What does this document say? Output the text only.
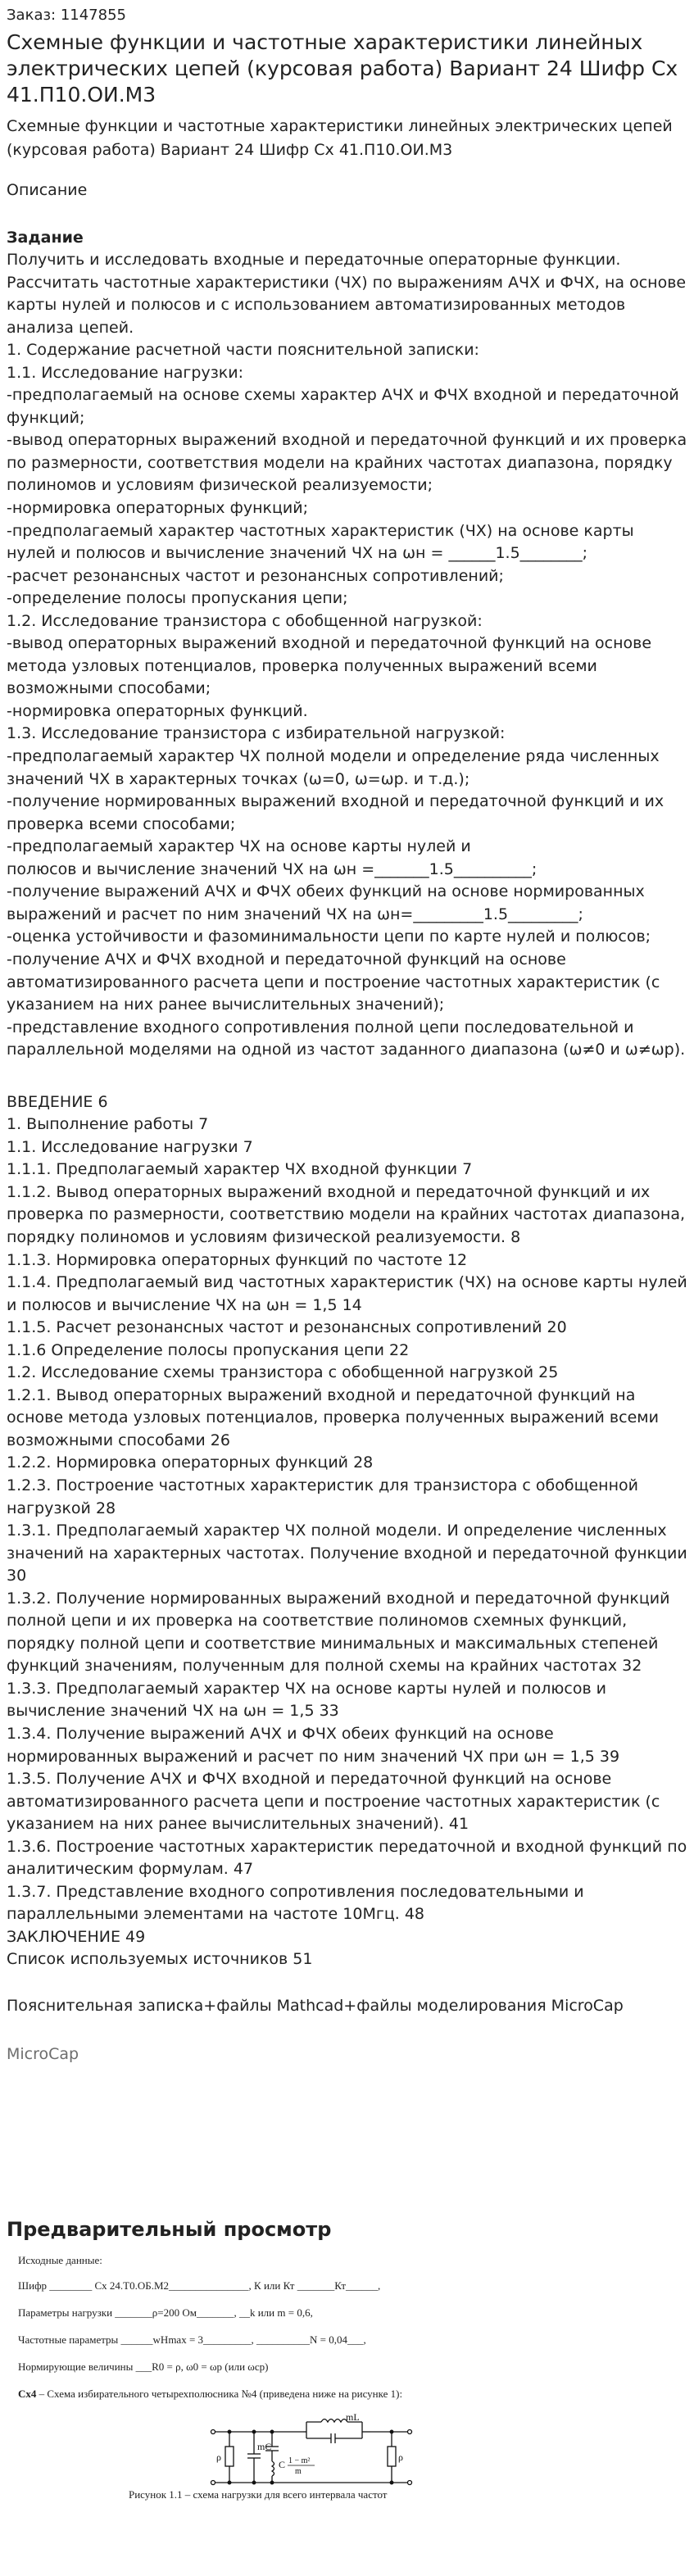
Заказ: 1147855
Схемные функции и частотные характеристики линейных электрических цепей (курсовая работа) Вариант 24 Шифр Сх 41.П10.ОИ.М3
Схемные функции и частотные характеристики линейных электрических цепей (курсовая работа) Вариант 24 Шифр Сх 41.П10.ОИ.М3
Описание
Задание
Получить и исследовать входные и передаточные операторные функции.
Рассчитать частотные характеристики (ЧХ) по выражениям АЧХ и ФЧХ, на основе карты нулей и полюсов и с использованием автоматизированных методов анализа цепей.
1. Содержание расчетной части пояснительной записки:
1.1. Исследование нагрузки:
-предполагаемый на основе схемы характер АЧХ и ФЧХ входной и передаточной функций;
-вывод операторных выражений входной и передаточной функций и их проверка по размерности, соответствия модели на крайних частотах диапазона, порядку полиномов и условиям физической реализуемости;
-нормировка операторных функций;
-предполагаемый характер частотных характеристик (ЧХ) на основе карты нулей и полюсов и вычисление значений ЧХ на ωн = ______1.5________;
-расчет резонансных частот и резонансных сопротивлений;
-определение полосы пропускания цепи;
1.2. Исследование транзистора с обобщенной нагрузкой:
-вывод операторных выражений входной и передаточной функций на основе метода узловых потенциалов, проверка полученных выражений всеми возможными способами;
-нормировка операторных функций.
1.3. Исследование транзистора с избирательной нагрузкой:
-предполагаемый характер ЧХ полной модели и определение ряда численных значений ЧХ в характерных точках (ω=0, ω=ωр. и т.д.);
-получение нормированных выражений входной и передаточной функций и их проверка всеми способами;
-предполагаемый характер ЧХ на основе карты нулей и
полюсов и вычисление значений ЧХ на ωн =_______1.5__________;
-получение выражений АЧХ и ФЧХ обеих функций на основе нормированных выражений и расчет по ним значений ЧХ на ωн=_________1.5_________;
-оценка устойчивости и фазоминимальности цепи по карте нулей и полюсов;
-получение АЧХ и ФЧХ входной и передаточной функций на основе автоматизированного расчета цепи и построение частотных характеристик (с указанием на них ранее вычислительных значений);
-представление входного сопротивления полной цепи последовательной и параллельной моделями на одной из частот заданного диапазона (ω≠0 и ω≠ωр).
ВВЕДЕНИЕ 6
1. Выполнение работы 7
1.1. Исследование нагрузки 7
1.1.1. Предполагаемый характер ЧХ входной функции 7
1.1.2. Вывод операторных выражений входной и передаточной функций и их проверка по размерности, соответствию модели на крайних частотах диапазона, порядку полиномов и условиям физической реализуемости. 8
1.1.3. Нормировка операторных функций по частоте 12
1.1.4. Предполагаемый вид частотных характеристик (ЧХ) на основе карты нулей и полюсов и вычисление ЧХ на ωн = 1,5 14
1.1.5. Расчет резонансных частот и резонансных сопротивлений 20
1.1.6 Определение полосы пропускания цепи 22
1.2. Исследование схемы транзистора с обобщенной нагрузкой 25
1.2.1. Вывод операторных выражений входной и передаточной функций на основе метода узловых потенциалов, проверка полученных выражений всеми возможными способами 26
1.2.2. Нормировка операторных функций 28
1.2.3. Построение частотных характеристик для транзистора с обобщенной нагрузкой 28
1.3.1. Предполагаемый характер ЧХ полной модели. И определение численных значений на характерных частотах. Получение входной и передаточной функции 30
1.3.2. Получение нормированных выражений входной и передаточной функций полной цепи и их проверка на соответствие полиномов схемных функций, порядку полной цепи и соответствие минимальных и максимальных степеней функций значениям, полученным для полной схемы на крайних частотах 32
1.3.3. Предполагаемый характер ЧХ на основе карты нулей и полюсов и вычисление значений ЧХ на ωн = 1,5 33
1.3.4. Получение выражений АЧХ и ФЧХ обеих функций на основе нормированных выражений и расчет по ним значений ЧХ при ωн = 1,5 39
1.3.5. Получение АЧХ и ФЧХ входной и передаточной функций на основе автоматизированного расчета цепи и построение частотных характеристик (с указанием на них ранее вычислительных значений). 41
1.3.6. Построение частотных характеристик передаточной и входной функций по аналитическим формулам. 47
1.3.7. Представление входного сопротивления последовательными и параллельными элементами на частоте 10Мгц. 48
ЗАКЛЮЧЕНИЕ 49
Список используемых источников 51
Пояснительная записка+файлы Mathcad+файлы моделирования MicroCap
MicroCap
Предварительный просмотр
Исходные данные:
Шифр ________ Сх 24.Т0.ОБ.М2_______________, К или Кт _______Кт______,
Параметры нагрузки _______ρ=200 Ом_______, __k или m = 0,6,
Частотные параметры ______wHmax = 3_________, __________N = 0,04___,
Нормирующие величины ___R0 = ρ, ω0 = ωр (или ωср)
Сх4 – Схема избирательного четырехполюсника №4 (приведена ниже на рисунке 1):
ρ
mC
mL
C 1 − m²
m
ρ
Рисунок 1.1 – схема нагрузки для всего интервала частот
